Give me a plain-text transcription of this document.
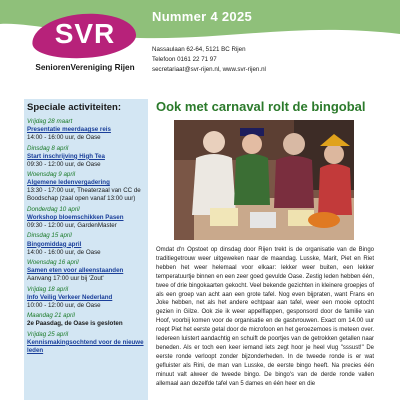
SVR
SeniorenVereniging Rijen
Nummer 4 2025
Nassaulaan 62-64, 5121 BC Rijen
Telefoon 0161 22 71 97
secretariaat@svr-rijen.nl, www.svr-rijen.nl
Speciale activiteiten:
Vrijdag 28 maart
Presentatie meerdaagse reis
14:00 - 16:00 uur, de Oase
Dinsdag 8 april
Start inschrijving High Tea
09:30 - 12:00 uur, de Oase
Woensdag 9 april
Algemene ledenvergadering
13:30 - 17:00 uur, Theaterzaal van CC de Boodschap (zaal open vanaf 13:00 uur)
Donderdag 10 april
Workshop bloemschikken Pasen
09:30 - 12:00 uur, GardenMaster
Dinsdag 15 april
Bingomiddag april
14:00 - 16:00 uur, de Oase
Woensdag 16 april
Samen eten voor alleenstaanden
Aanvang 17:00 uur bij 'Zout'
Vrijdag 18 april
Info Veilig Verkeer Nederland
10:00 - 12:00 uur, de Oase
Maandag 21 april
2e Paasdag, de Oase is gesloten
Vrijdag 25 april
Kennismakingsochtend voor de nieuwe leden
Ook met carnaval rolt de bingobal
Omdat d'n Opstoet op dinsdag door Rijen trekt is de organisatie van de Bingo traditiegetrouw weer uitgeweken naar de maandag. Lusske, Marit, Piet en Riet hebben het weer helemaal voor elkaar: lekker weer buiten, een lekker temperatuurtje binnen en een zeer goed gevulde Oase. Zestig leden hebben één, twee of drie bingokaarten gekocht. Veel bekende gezichten in kleinere groepjes of als een groep van acht aan een grote tafel. Nog even bijpraten, want Frans en Joke hebben, net als het andere echtpaar aan tafel, weer een mooie optocht gezien in Gilze. Ook zie ik weer appelflappen, gesponsord door de familie van Hoof, voorbij komen voor de organisatie en de gastvrouwen. Exact om 14.00 uur roept Piet het eerste getal door de microfoon en het geroezemoes is meteen over. Iedereen luistert aandachtig en schuift de poortjes van de getrokken getallen naar beneden. Als er toch een keer iemand iets zegt hoor je heel vlug "sssust!" De eerste ronde verloopt zonder bijzonderheden. In de tweede ronde is er wat gefluister als Rini, de man van Lusske, de eerste bingo heeft. Na precies één minuut valt alweer de tweede bingo. De bingo's van de derde ronde vallen allemaal aan dezelfde tafel van 5 dames en één heer en die
